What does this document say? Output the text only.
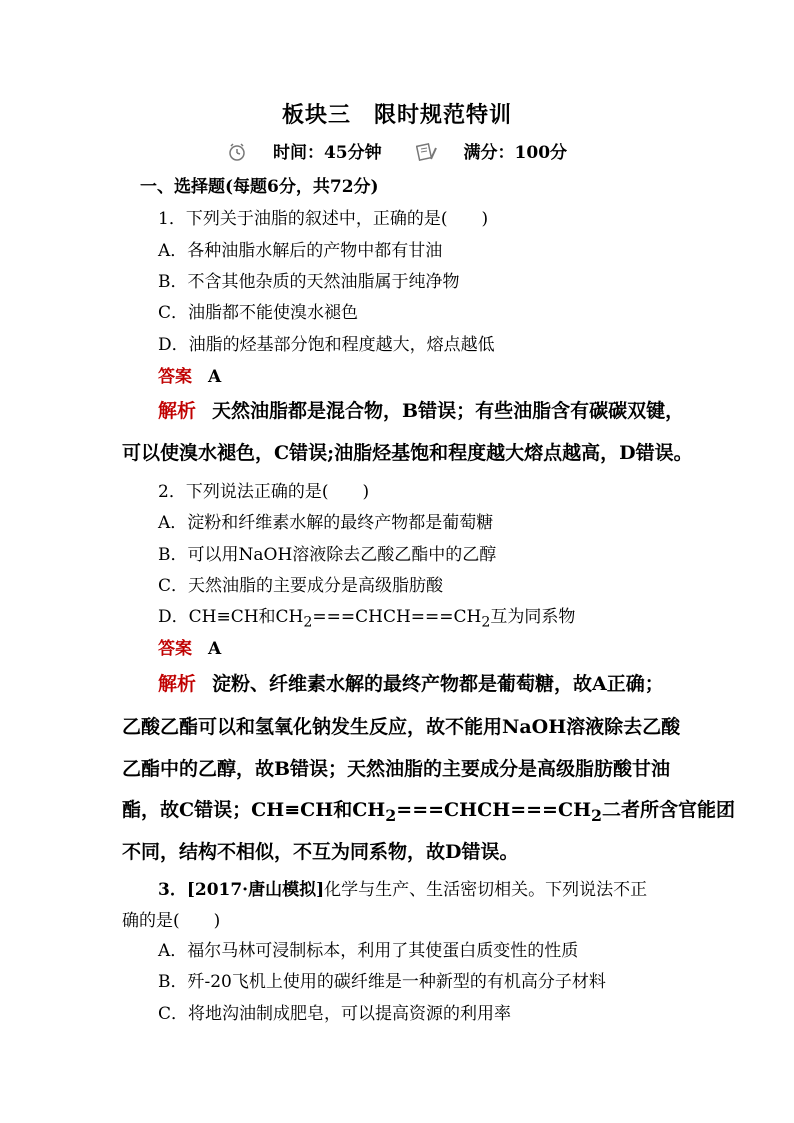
板块三　限时规范特训
时间：45分钟	满分：100分
一、选择题(每题6分，共72分)
1．下列关于油脂的叙述中，正确的是(　　)
A．各种油脂水解后的产物中都有甘油
B．不含其他杂质的天然油脂属于纯净物
C．油脂都不能使溴水褪色
D．油脂的烃基部分饱和程度越大，熔点越低
答案 A
解析 天然油脂都是混合物，B错误；有些油脂含有碳碳双键，
可以使溴水褪色，C错误;油脂烃基饱和程度越大熔点越高，D错误。
2．下列说法正确的是(　　)
A．淀粉和纤维素水解的最终产物都是葡萄糖
B．可以用NaOH溶液除去乙酸乙酯中的乙醇
C．天然油脂的主要成分是高级脂肪酸
D．CH≡CH和$CH_2===CHCH===CH_2$互为同系物
答案 A
解析 淀粉、纤维素水解的最终产物都是葡萄糖，故A正确；
乙酸乙酯可以和氢氧化钠发生反应，故不能用NaOH溶液除去乙酸
乙酯中的乙醇，故B错误；天然油脂的主要成分是高级脂肪酸甘油
酯，故C错误；CH≡CH和$CH_2===CHCH===CH_2$二者所含官能团
不同，结构不相似，不互为同系物，故D错误。
3．[2017·唐山模拟]化学与生产、生活密切相关。下列说法不正
确的是(　　)
A．福尔马林可浸制标本，利用了其使蛋白质变性的性质
B．歼-20飞机上使用的碳纤维是一种新型的有机高分子材料
C．将地沟油制成肥皂，可以提高资源的利用率
